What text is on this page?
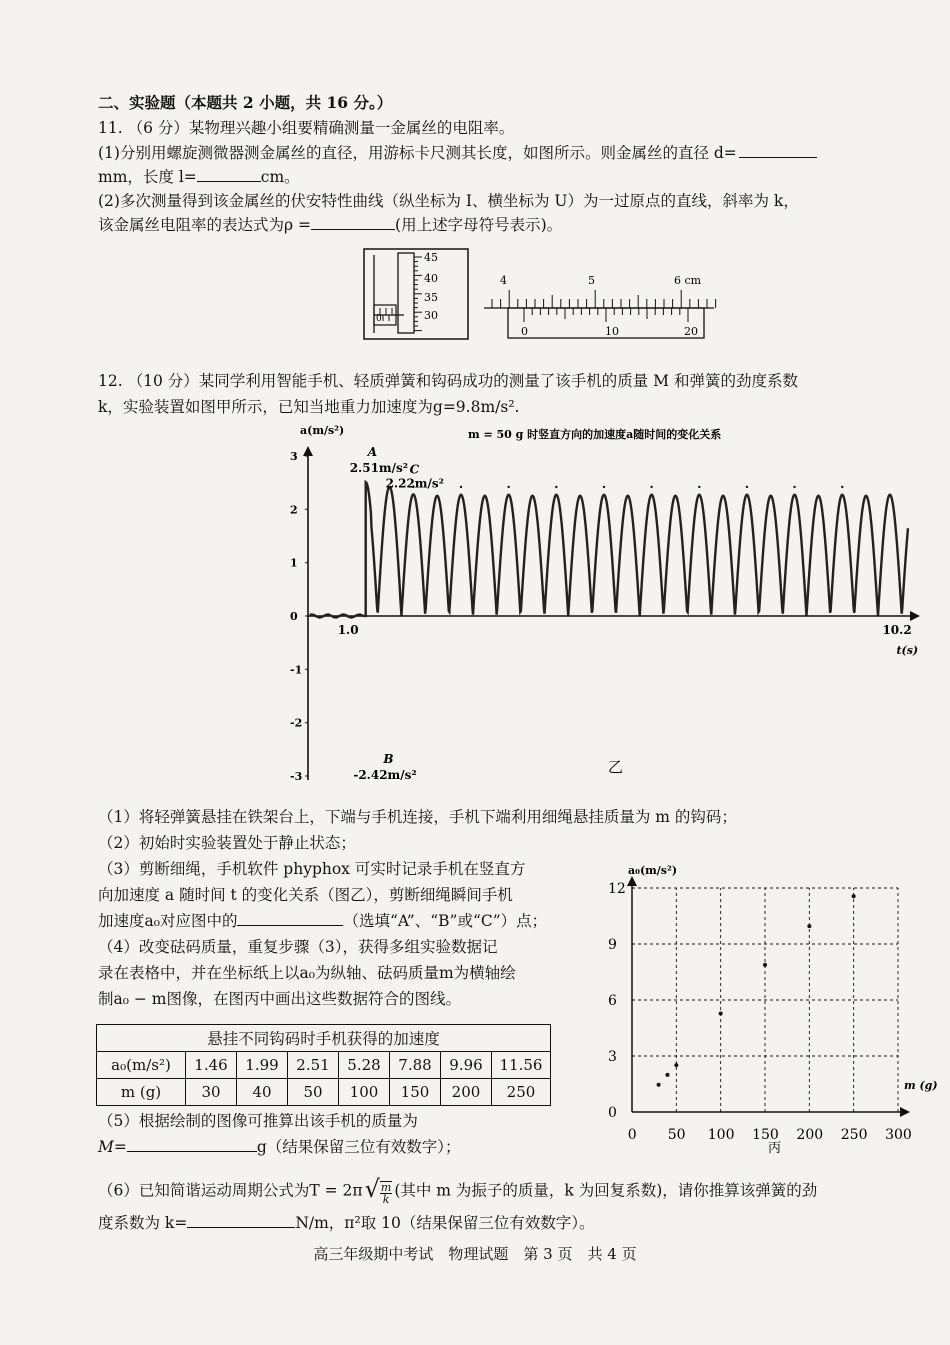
二、实验题（本题共 2 小题，共 16 分。）
11. （6 分）某物理兴趣小组要精确测量一金属丝的电阻率。
(1)分别用螺旋测微器测金属丝的直径，用游标卡尺测其长度，如图所示。则金属丝的直径 d=
mm，长度 l=	cm。
(2)多次测量得到该金属丝的伏安特性曲线（纵坐标为 I、横坐标为 U）为一过原点的直线，斜率为 k，
该金属丝电阻率的表达式为ρ =	(用上述字母符号表示)。
0
45
40
35
30
4	5	6 cm
0	10	20
12. （10 分）某同学利用智能手机、轻质弹簧和钩码成功的测量了该手机的质量 M 和弹簧的劲度系数
k，实验装置如图甲所示，已知当地重力加速度为g=9.8m/s².
a(m/s²)	m = 50 g 时竖直方向的加速度a随时间的变化关系
3
2
1
0
-1
-2
-3
1.0	10.2
t(s)
A
2.51m/s²
B
-2.42m/s²
C
2.22m/s²
乙
（1）将轻弹簧悬挂在铁架台上，下端与手机连接，手机下端利用细绳悬挂质量为 m 的钩码；
（2）初始时实验装置处于静止状态；
（3）剪断细绳，手机软件 phyphox 可实时记录手机在竖直方
向加速度 a 随时间 t 的变化关系（图乙），剪断细绳瞬间手机
加速度a₀对应图中的	（选填“A”、“B”或“C”）点；
（4）改变砝码质量，重复步骤（3），获得多组实验数据记
录在表格中，并在坐标纸上以a₀为纵轴、砝码质量m为横轴绘
制a₀ − m图像，在图丙中画出这些数据符合的图线。
悬挂不同钩码时手机获得的加速度							
a₀(m/s²)	1.46	1.99	2.51	5.28	7.88	9.96	11.56
m (g)	30	40	50	100	150	200	250
（5）根据绘制的图像可推算出该手机的质量为
M=	g（结果保留三位有效数字）；
a₀(m/s²)
12
9
6
3
0
0 50 100 150 200 250 300
m (g)
丙
（6）已知简谐运动周期公式为$T = 2\pi√ \frac{m}{k}$ (其中 m 为振子的质量，k 为回复系数)，请你推算该弹簧的劲
度系数为 k=	N/m，π²取 10（结果保留三位有效数字）。
高三年级期中考试　物理试题　第 3 页　共 4 页
